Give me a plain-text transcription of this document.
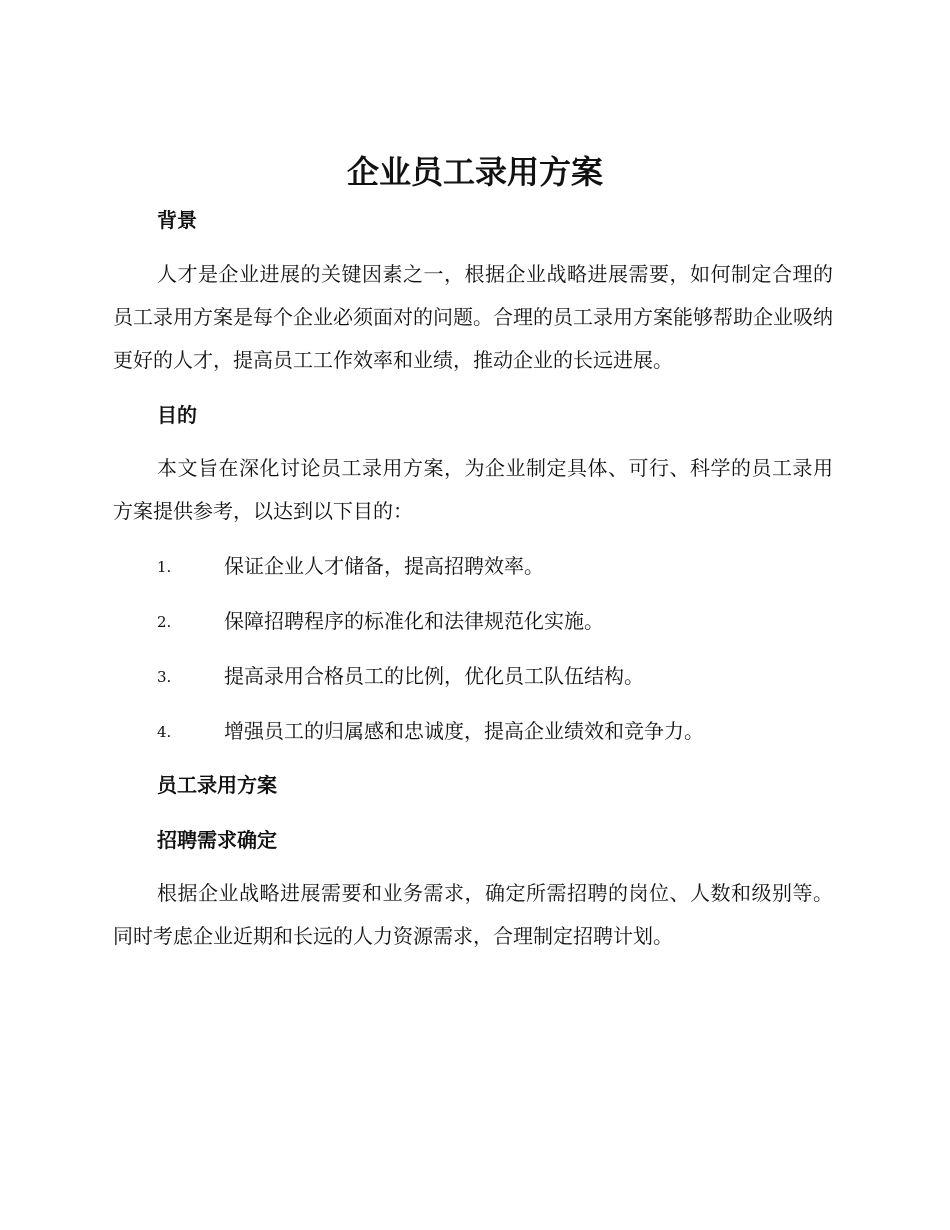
企业员工录用方案
背景

人才是企业进展的关键因素之一，根据企业战略进展需要，如何制定合理的员工录用方案是每个企业必须面对的问题。合理的员工录用方案能够帮助企业吸纳更好的人才，提高员工工作效率和业绩，推动企业的长远进展。

目的

本文旨在深化讨论员工录用方案，为企业制定具体、可行、科学的员工录用方案提供参考，以达到以下目的：

1.	保证企业人才储备，提高招聘效率。
2.	保障招聘程序的标准化和法律规范化实施。
3.	提高录用合格员工的比例，优化员工队伍结构。
4.	增强员工的归属感和忠诚度，提高企业绩效和竞争力。
员工录用方案
招聘需求确定

根据企业战略进展需要和业务需求，确定所需招聘的岗位、人数和级别等。同时考虑企业近期和长远的人力资源需求，合理制定招聘计划。
